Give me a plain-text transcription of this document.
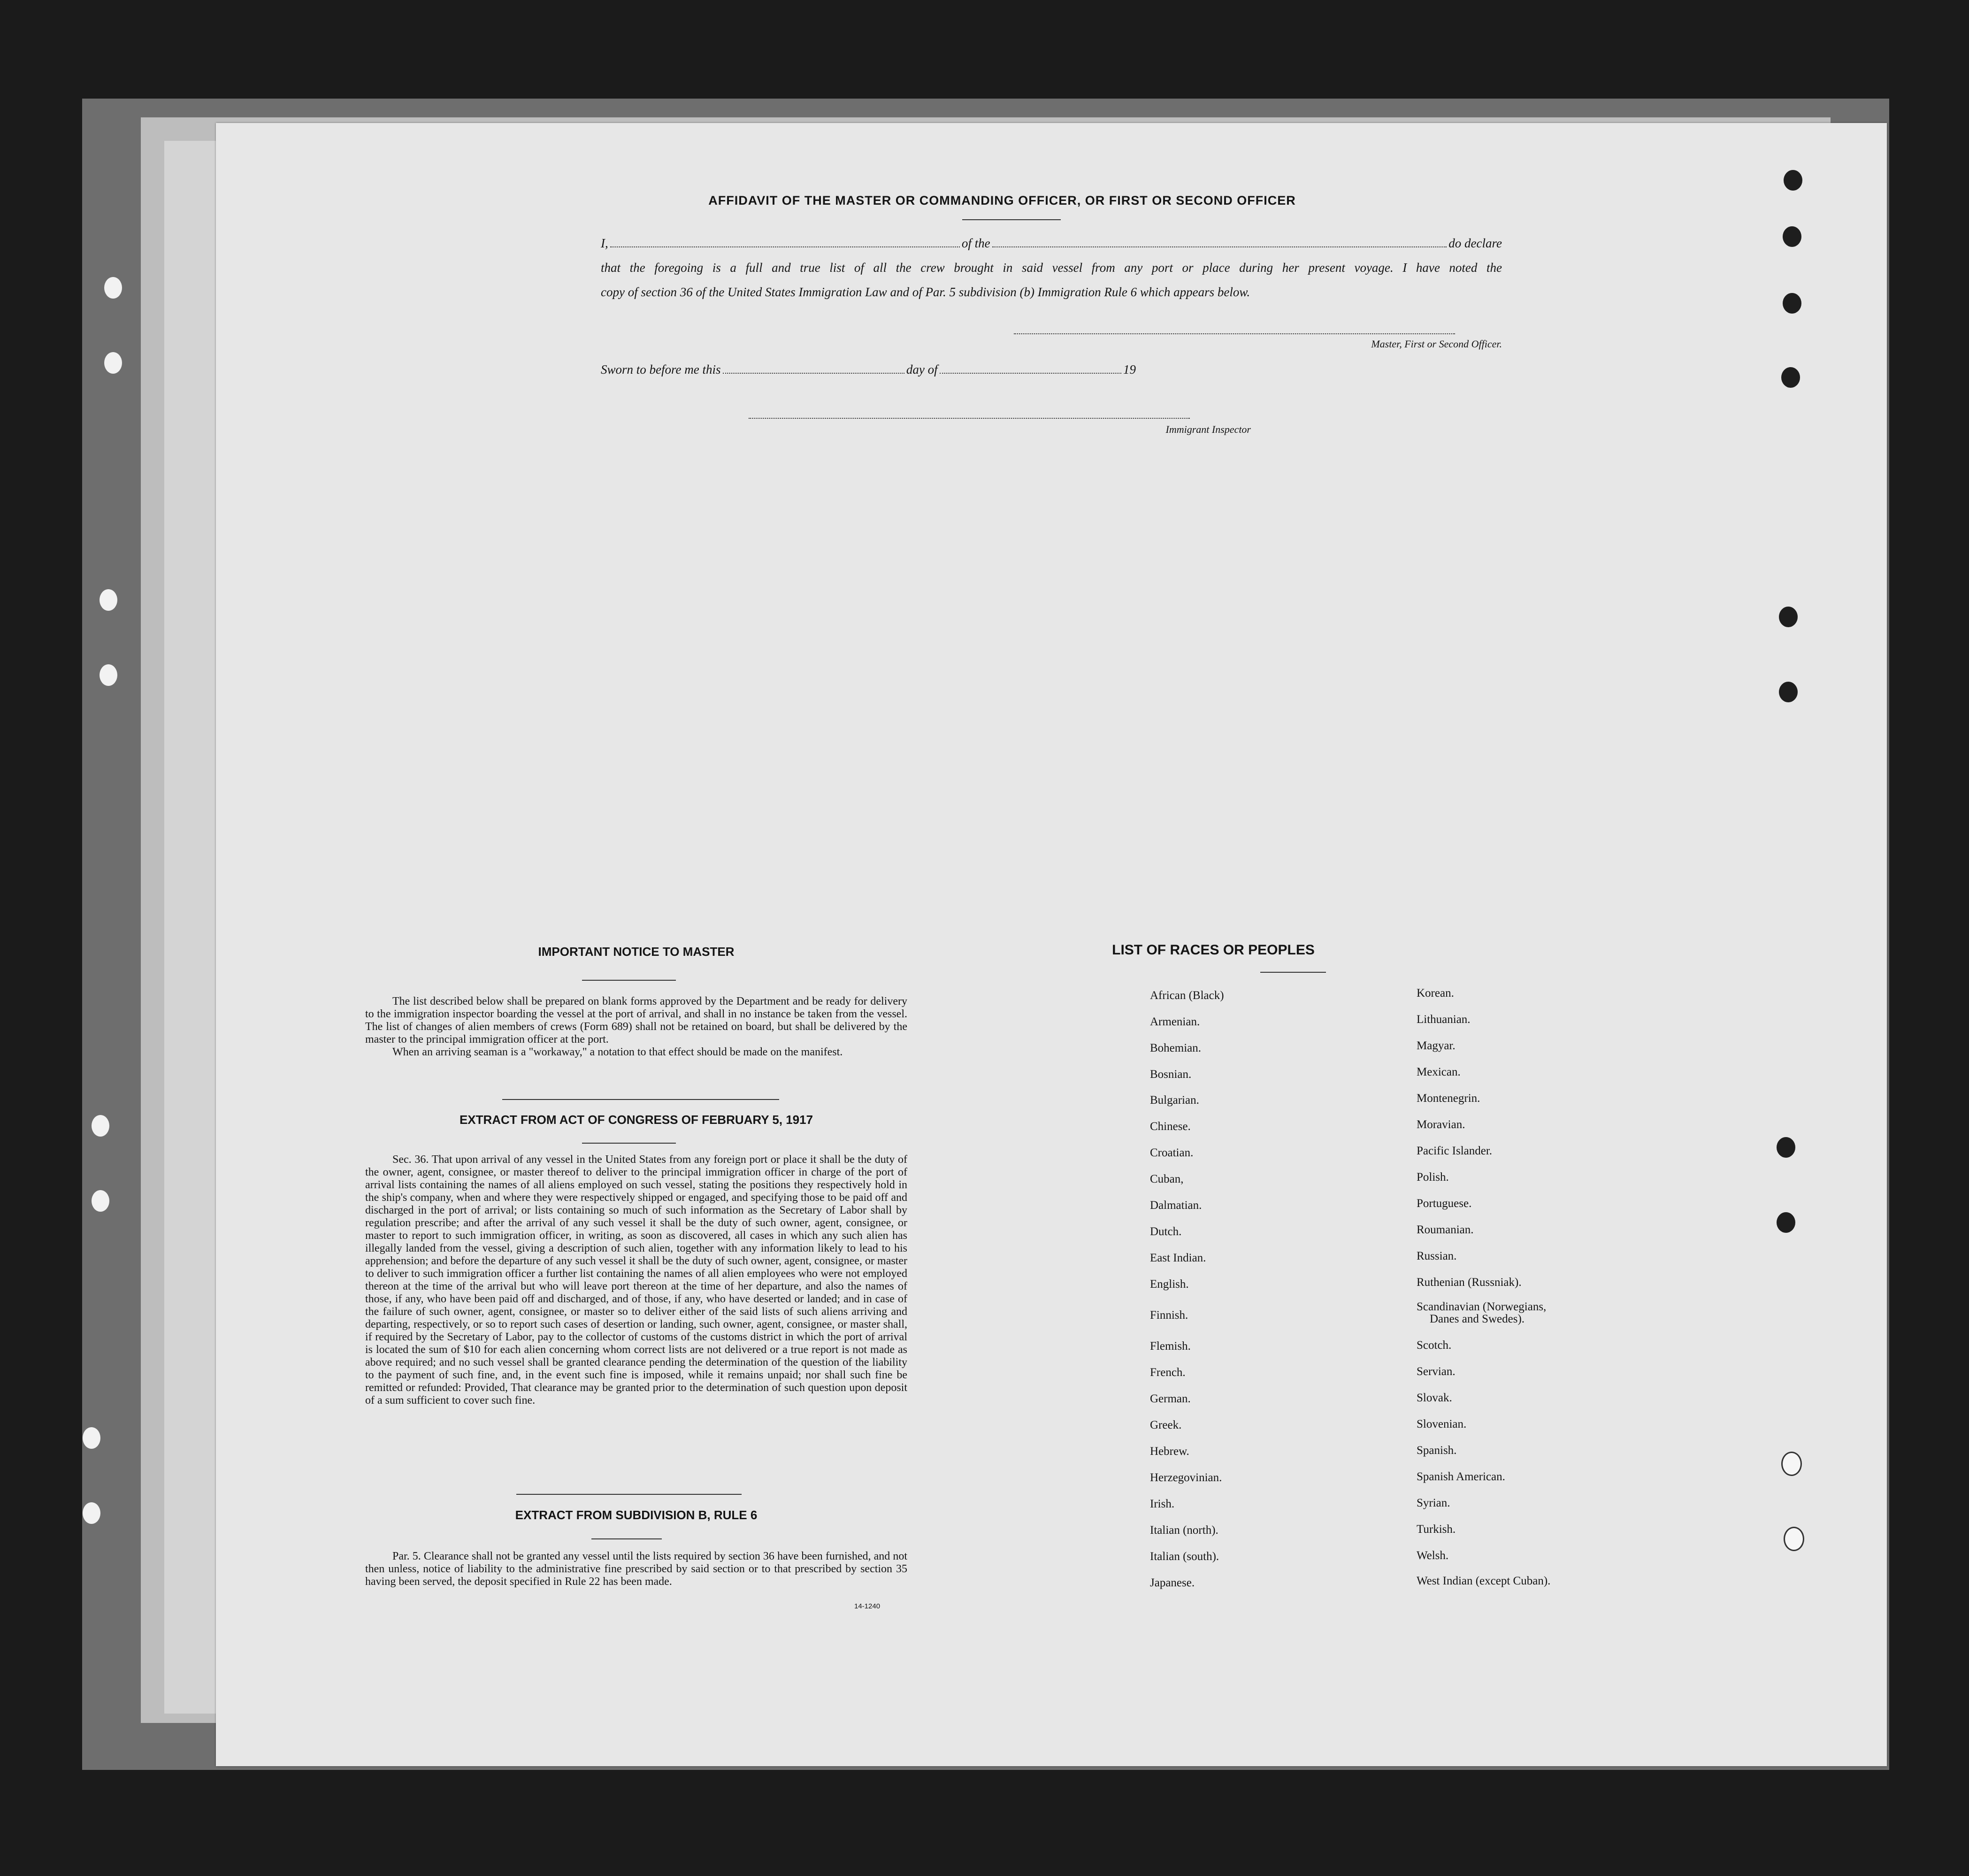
AFFIDAVIT OF THE MASTER OR COMMANDING OFFICER, OR FIRST OR SECOND OFFICER
I,	of the	do declare
that the foregoing is a full and true list of all the crew brought in said vessel from any port or place during her present voyage. I have noted the
copy of section 36 of the United States Immigration Law and of Par. 5 subdivision (b) Immigration Rule 6 which appears below.
Master, First or Second Officer.
Sworn to before me this	day of	19
Immigrant Inspector
IMPORTANT NOTICE TO MASTER

The list described below shall be prepared on blank forms approved by the Department and be ready for delivery to the immigration inspector boarding the vessel at the port of arrival, and shall in no instance be taken from the vessel. The list of changes of alien members of crews (Form 689) shall not be retained on board, but shall be delivered by the master to the principal immigration officer at the port.

When an arriving seaman is a "workaway," a notation to that effect should be made on the manifest.

EXTRACT FROM ACT OF CONGRESS OF FEBRUARY 5, 1917

Sec. 36. That upon arrival of any vessel in the United States from any foreign port or place it shall be the duty of the owner, agent, consignee, or master thereof to deliver to the principal immigration officer in charge of the port of arrival lists containing the names of all aliens employed on such vessel, stating the positions they respectively hold in the ship's company, when and where they were respectively shipped or engaged, and specifying those to be paid off and discharged in the port of arrival; or lists containing so much of such information as the Secretary of Labor shall by regulation prescribe; and after the arrival of any such vessel it shall be the duty of such owner, agent, consignee, or master to report to such immigration officer, in writing, as soon as discovered, all cases in which any such alien has illegally landed from the vessel, giving a description of such alien, together with any information likely to lead to his apprehension; and before the departure of any such vessel it shall be the duty of such owner, agent, consignee, or master to deliver to such immigration officer a further list containing the names of all alien employees who were not employed thereon at the time of the arrival but who will leave port thereon at the time of her departure, and also the names of those, if any, who have been paid off and discharged, and of those, if any, who have deserted or landed; and in case of the failure of such owner, agent, consignee, or master so to deliver either of the said lists of such aliens arriving and departing, respectively, or so to report such cases of desertion or landing, such owner, agent, consignee, or master shall, if required by the Secretary of Labor, pay to the collector of customs of the customs district in which the port of arrival is located the sum of $10 for each alien concerning whom correct lists are not delivered or a true report is not made as above required; and no such vessel shall be granted clearance pending the determination of the question of the liability to the payment of such fine, and, in the event such fine is imposed, while it remains unpaid; nor shall such fine be remitted or refunded: Provided, That clearance may be granted prior to the determination of such question upon deposit of a sum sufficient to cover such fine.

EXTRACT FROM SUBDIVISION B, RULE 6

Par. 5. Clearance shall not be granted any vessel until the lists required by section 36 have been furnished, and not then unless, notice of liability to the administrative fine prescribed by said section or to that prescribed by section 35 having been served, the deposit specified in Rule 22 has been made.

14-1240
LIST OF RACES OR PEOPLES
African (Black)
Armenian.
Bohemian.
Bosnian.
Bulgarian.
Chinese.
Croatian.
Cuban,
Dalmatian.
Dutch.
East Indian.
English.
Finnish.
Flemish.
French.
German.
Greek.
Hebrew.
Herzegovinian.
Irish.
Italian (north).
Italian (south).
Japanese.
Korean.
Lithuanian.
Magyar.
Mexican.
Montenegrin.
Moravian.
Pacific Islander.
Polish.
Portuguese.
Roumanian.
Russian.
Ruthenian (Russniak).
Scandinavian (Norwegians,
Danes and Swedes).
Scotch.
Servian.
Slovak.
Slovenian.
Spanish.
Spanish American.
Syrian.
Turkish.
Welsh.
West Indian (except Cuban).
